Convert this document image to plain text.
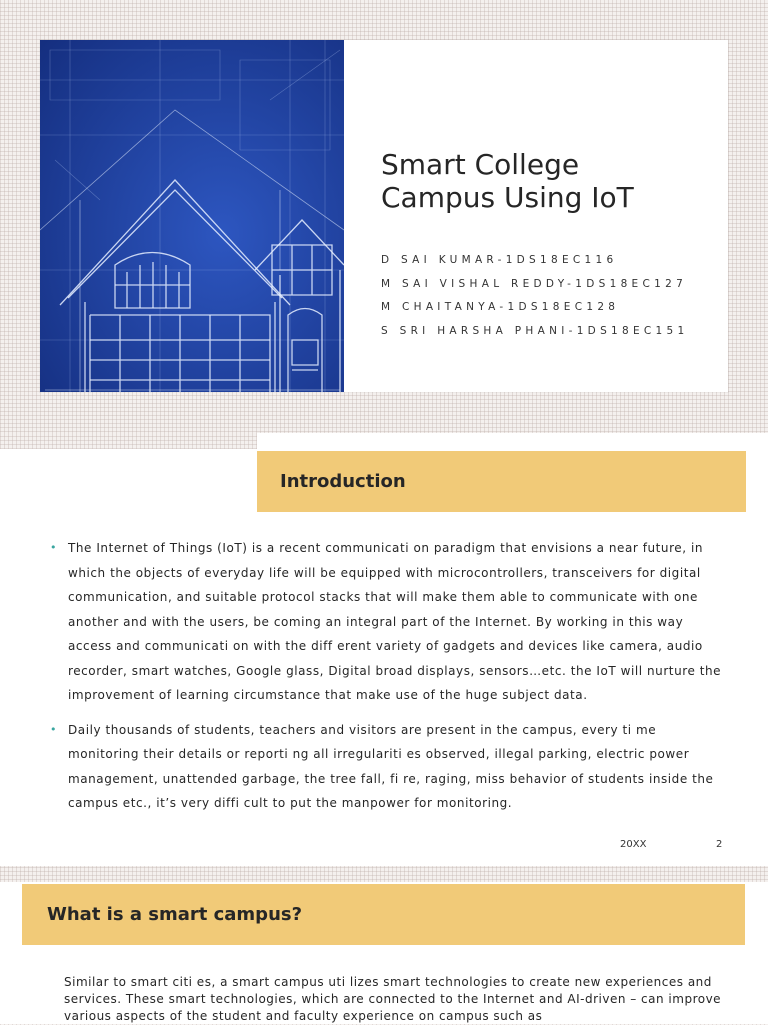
Smart College
Campus Using IoT
D SAI KUMAR-1DS18EC116
M SAI VISHAL REDDY-1DS18EC127
M CHAITANYA-1DS18EC128
S SRI HARSHA PHANI-1DS18EC151
Introduction
• The Internet of Things (IoT) is a recent communicati on paradigm that envisions a near future, in which the objects of everyday life will be equipped with microcontrollers, transceivers for digital communication, and suitable protocol stacks that will make them able to communicate with one another and with the users, be coming an integral part of the Internet. By working in this way access and communicati on with the diff erent variety of gadgets and devices like camera, audio recorder, smart watches, Google glass, Digital broad displays, sensors…etc. the IoT will nurture the improvement of learning circumstance that make use of the huge subject data.
• Daily thousands of students, teachers and visitors are present in the campus, every ti me monitoring their details or reporti ng all irregulariti es observed, illegal parking, electric power management, unattended garbage, the tree fall, fi re, raging, miss behavior of students inside the campus etc., it’s very diffi cult to put the manpower for monitoring.
20XX	2
What is a smart campus?

Similar to smart citi es, a smart campus uti lizes smart technologies to create new experiences and services. These smart technologies, which are connected to the Internet and AI-driven – can improve various aspects of the student and faculty experience on campus such as
